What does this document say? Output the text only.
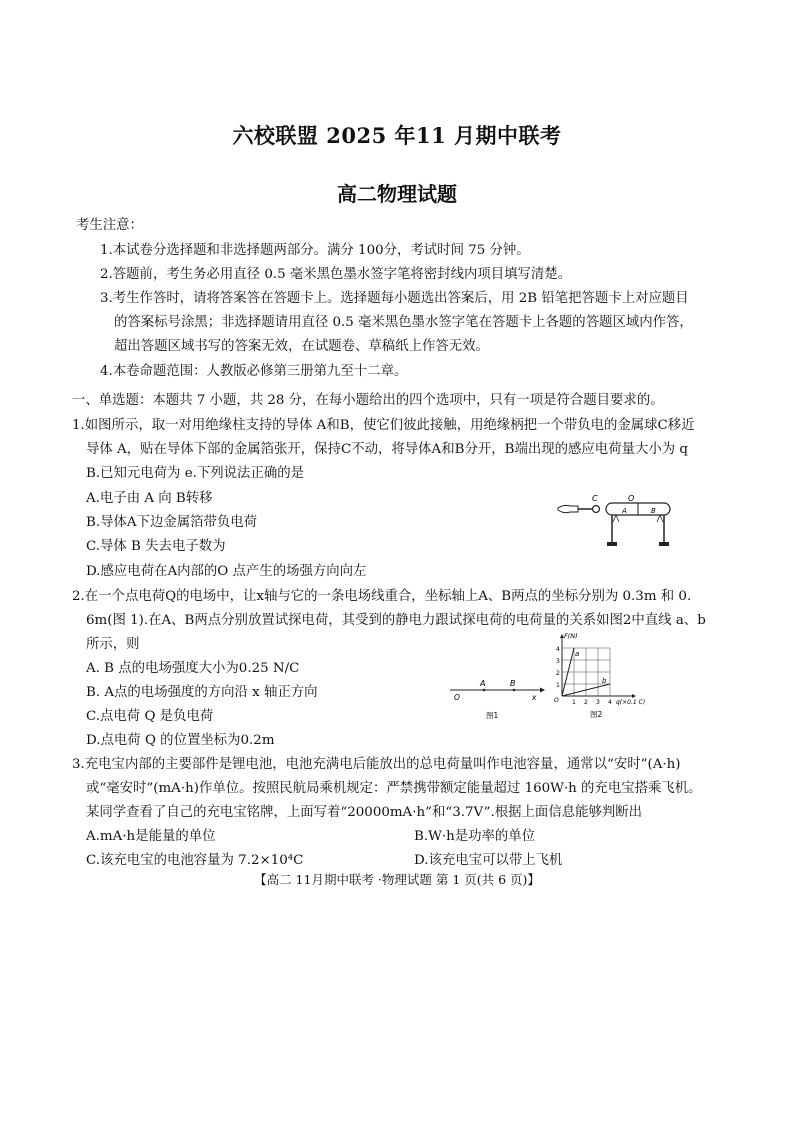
六校联盟 2025 年11 月期中联考
高二物理试题
考生注意：
1.本试卷分选择题和非选择题两部分。满分 100分，考试时间 75 分钟。
2.答题前，考生务必用直径 0.5 毫米黑色墨水签字笔将密封线内项目填写清楚。
3.考生作答时，请将答案答在答题卡上。选择题每小题选出答案后，用 2B 铅笔把答题卡上对应题目
的答案标号涂黑；非选择题请用直径 0.5 毫米黑色墨水签字笔在答题卡上各题的答题区域内作答，
超出答题区域书写的答案无效，在试题卷、草稿纸上作答无效。
4.本卷命题范围：人教版必修第三册第九至十二章。
一、单选题：本题共 7 小题，共 28 分，在每小题给出的四个选项中，只有一项是符合题目要求的。
1.如图所示，取一对用绝缘柱支持的导体 A和B，使它们彼此接触，用绝缘柄把一个带负电的金属球C移近
导体 A，贴在导体下部的金属箔张开，保持C不动，将导体A和B分开，B端出现的感应电荷量大小为 q
B.已知元电荷为 e.下列说法正确的是
A.电子由 A 向 B转移
B.导体A下边金属箔带负电荷
C.导体 B 失去电子数为
D.感应电荷在A内部的O 点产生的场强方向向左
C	O
A	B
2.在一个点电荷Q的电场中，让x轴与它的一条电场线重合，坐标轴上A、B两点的坐标分别为 0.3m 和 0.
6m(图 1).在A、B两点分别放置试探电荷，其受到的静电力跟试探电荷的电荷量的关系如图2中直线 a、b
所示，则
A. B 点的电场强度大小为0.25 N/C
B. A点的电场强度的方向沿 x 轴正方向
C.点电荷 Q 是负电荷
D.点电荷 Q 的位置坐标为0.2m
A	B
O	x
图1
a
b
F(N)
4
3
2
1
O 1 2 3 4 q(×0.1 C)
图2
3.充电宝内部的主要部件是锂电池，电池充满电后能放出的总电荷量叫作电池容量，通常以“安时”(A·h)
或“毫安时”(mA·h)作单位。按照民航局乘机规定：严禁携带额定能量超过 160W·h 的充电宝搭乘飞机。
某同学查看了自己的充电宝铭牌，上面写着“20000mA·h”和“3.7V”.根据上面信息能够判断出
A.mA·h是能量的单位	B.W·h是功率的单位
C.该充电宝的电池容量为 7.2×10⁴C	D.该充电宝可以带上飞机
【高二 11月期中联考 ·物理试题 第 1 页(共 6 页)】
